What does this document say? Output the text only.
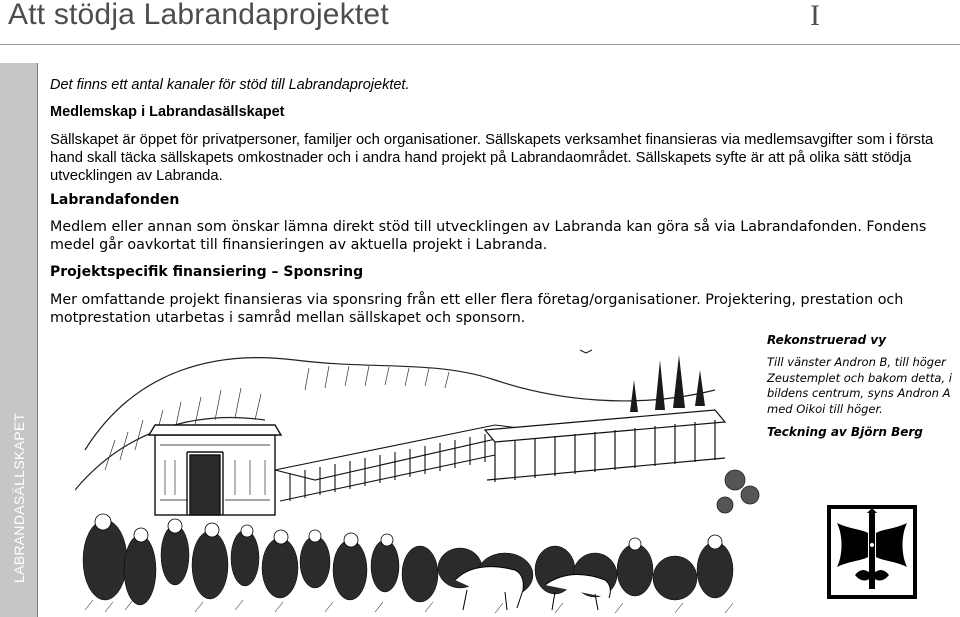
Att stödja Labrandaprojektet	I
LABRANDASÄLLSKAPET

Det finns ett antal kanaler för stöd till Labrandaprojektet.

Medlemskap i Labrandasällskapet

Sällskapet är öppet för privatpersoner, familjer och organisationer. Sällskapets verksamhet finansieras via medlemsavgifter som i första hand skall täcka sällskapets omkostnader och i andra hand projekt på Labrandaområdet. Sällskapets syfte är att på olika sätt stödja utvecklingen av Labranda.

Labrandafonden

Medlem eller annan som önskar lämna direkt stöd till utvecklingen av Labranda kan göra så via Labrandafonden. Fondens medel går oavkortat till finansieringen av aktuella projekt i Labranda.

Projektspecifik finansiering – Sponsring

Mer omfattande projekt finansieras via sponsring från ett eller flera företag/organisationer. Projektering, prestation och motprestation utarbetas i samråd mellan sällskapet och sponsorn.

Rekonstruerad vy

Till vänster Andron B, till höger Zeustemplet och bakom detta, i bildens centrum, syns Andron A med Oikoi till höger.

Teckning av Björn Berg
